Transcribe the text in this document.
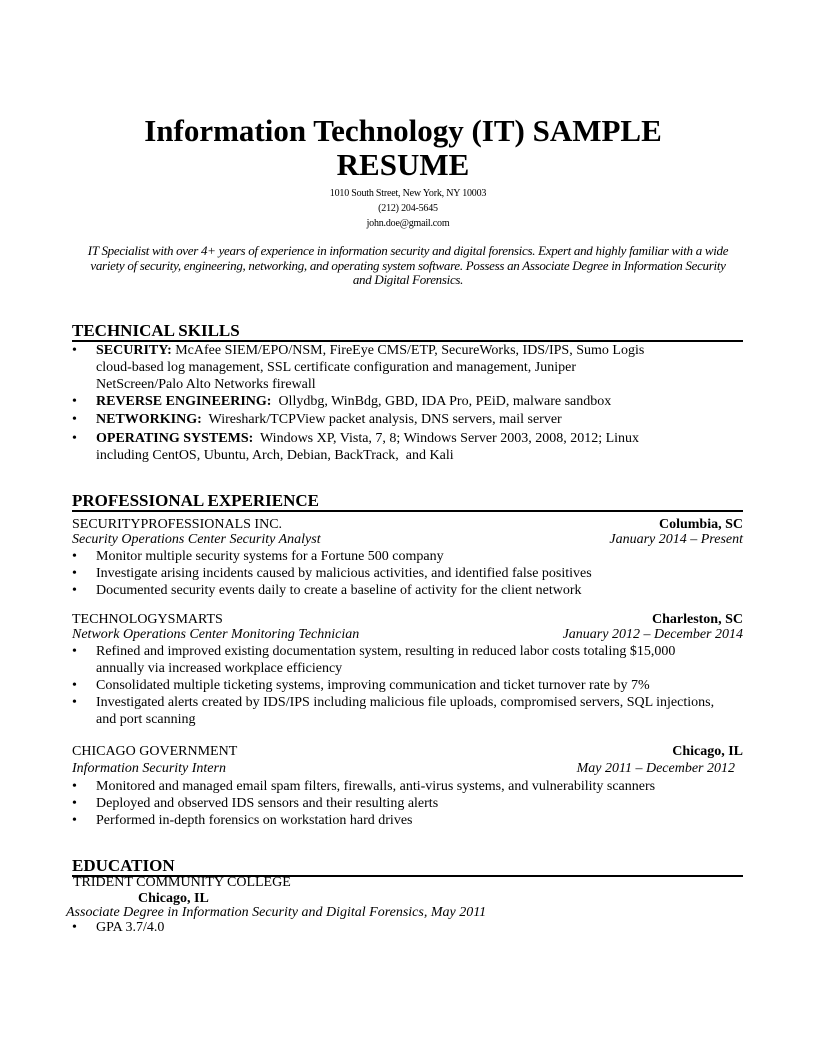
Information Technology (IT) SAMPLE
RESUME
1010 South Street, New York, NY 10003
(212) 204-5645
john.doe@gmail.com
IT Specialist with over 4+ years of experience in information security and digital forensics. Expert and highly familiar with a wide variety of security, engineering, networking, and operating system software. Possess an Associate Degree in Information Security and Digital Forensics.
TECHNICAL SKILLS
•	SECURITY: McAfee SIEM/EPO/NSM, FireEye CMS/ETP, SecureWorks, IDS/IPS, Sumo Logis
cloud-based log management, SSL certificate configuration and management, Juniper
NetScreen/Palo Alto Networks firewall
•	REVERSE ENGINEERING:  Ollydbg, WinBdg, GBD, IDA Pro, PEiD, malware sandbox
•	NETWORKING:  Wireshark/TCPView packet analysis, DNS servers, mail server
•	OPERATING SYSTEMS:  Windows XP, Vista, 7, 8; Windows Server 2003, 2008, 2012; Linux
including CentOS, Ubuntu, Arch, Debian, BackTrack,  and Kali
PROFESSIONAL EXPERIENCE
SECURITYPROFESSIONALS INC.	Columbia, SC
Security Operations Center Security Analyst	January 2014 – Present
•	Monitor multiple security systems for a Fortune 500 company
•	Investigate arising incidents caused by malicious activities, and identified false positives
•	Documented security events daily to create a baseline of activity for the client network
TECHNOLOGYSMARTS	Charleston, SC
Network Operations Center Monitoring Technician	January 2012 – December 2014
•	Refined and improved existing documentation system, resulting in reduced labor costs totaling $15,000
annually via increased workplace efficiency
•	Consolidated multiple ticketing systems, improving communication and ticket turnover rate by 7%
•	Investigated alerts created by IDS/IPS including malicious file uploads, compromised servers, SQL injections,
and port scanning
CHICAGO GOVERNMENT	Chicago, IL
Information Security Intern	May 2011 – December 2012
•	Monitored and managed email spam filters, firewalls, anti-virus systems, and vulnerability scanners
•	Deployed and observed IDS sensors and their resulting alerts
•	Performed in-depth forensics on workstation hard drives
EDUCATION
TRIDENT COMMUNITY COLLEGE
Chicago, IL
Associate Degree in Information Security and Digital Forensics, May 2011
•	GPA 3.7/4.0
